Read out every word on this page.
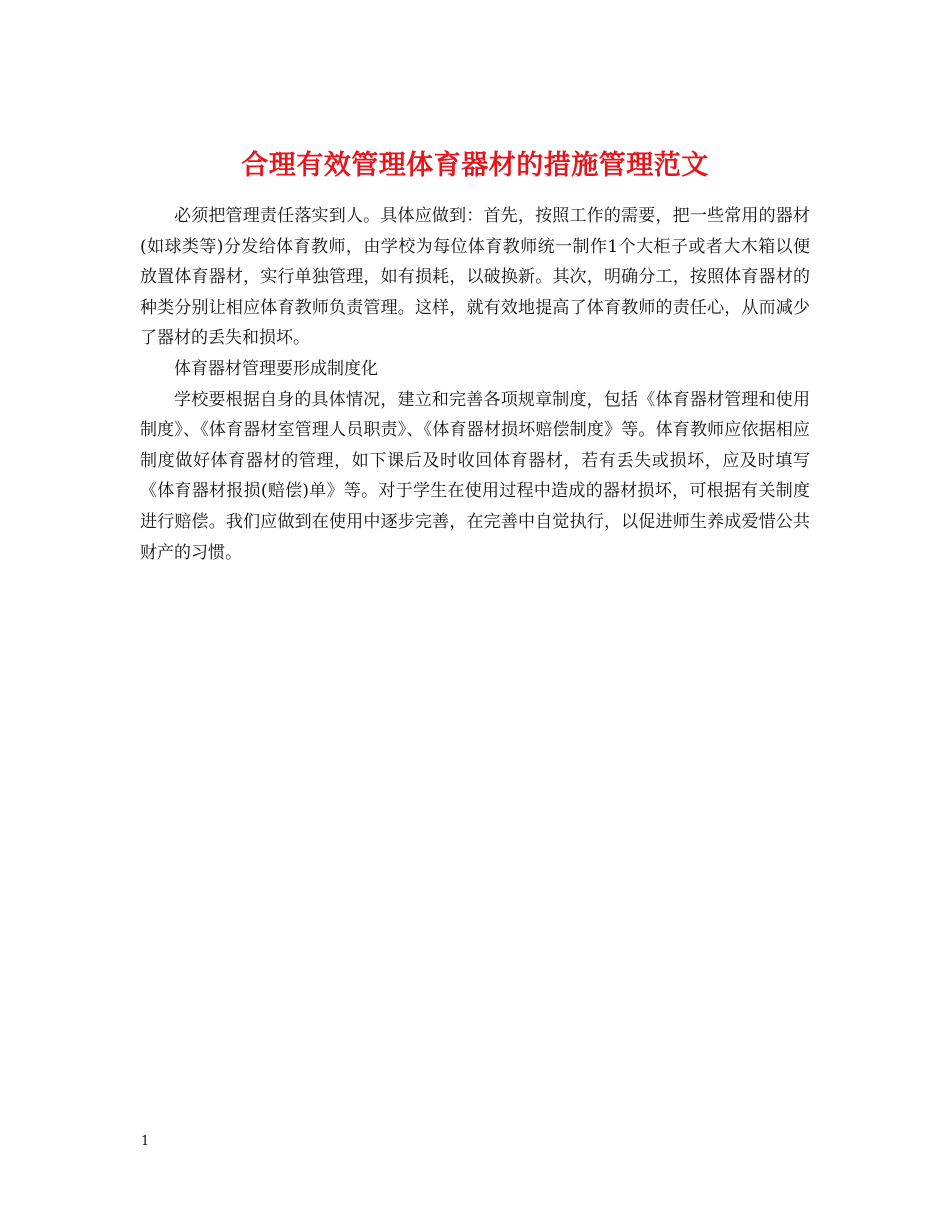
合理有效管理体育器材的措施管理范文

必须把管理责任落实到人。具体应做到：首先，按照工作的需要，把一些常用的器材(如球类等)分发给体育教师，由学校为每位体育教师统一制作1个大柜子或者大木箱以便放置体育器材，实行单独管理，如有损耗，以破换新。其次，明确分工，按照体育器材的种类分别让相应体育教师负责管理。这样，就有效地提高了体育教师的责任心，从而减少了器材的丢失和损坏。

体育器材管理要形成制度化

学校要根据自身的具体情况，建立和完善各项规章制度，包括《体育器材管理和使用制度》、《体育器材室管理人员职责》、《体育器材损坏赔偿制度》等。体育教师应依据相应制度做好体育器材的管理，如下课后及时收回体育器材，若有丢失或损坏，应及时填写《体育器材报损(赔偿)单》等。对于学生在使用过程中造成的器材损坏，可根据有关制度进行赔偿。我们应做到在使用中逐步完善，在完善中自觉执行，以促进师生养成爱惜公共财产的习惯。

1
